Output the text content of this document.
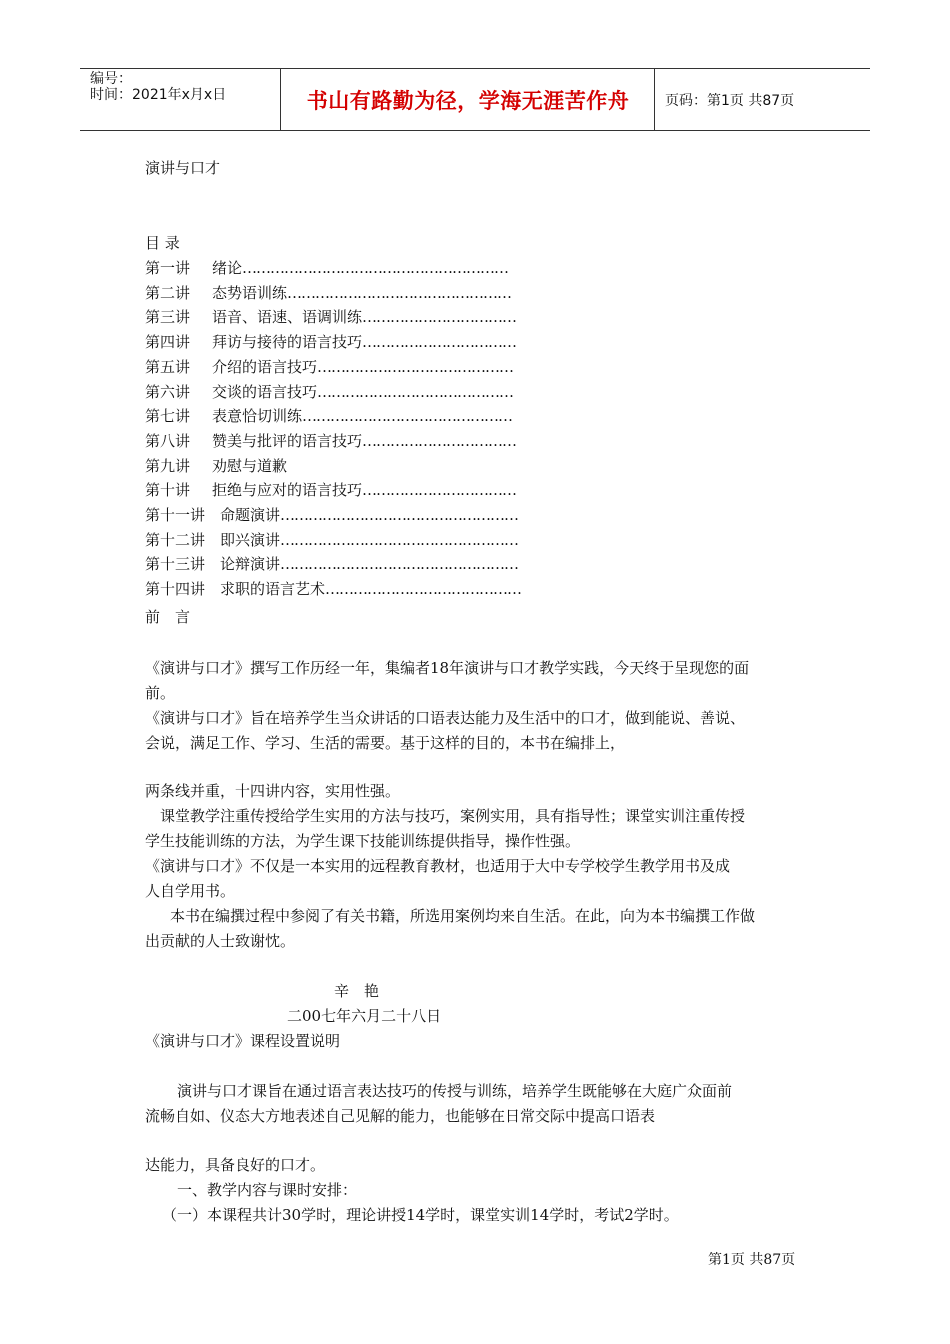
编号：
时间：2021年x月x日	书山有路勤为径，学海无涯苦作舟	页码：第1页 共87页
演讲与口才
目 录
第一讲 绪论…………………………………………………
第二讲 态势语训练…………………………………………
第三讲 语音、语速、语调训练……………………………
第四讲 拜访与接待的语言技巧……………………………
第五讲 介绍的语言技巧……………………………………
第六讲 交谈的语言技巧……………………………………
第七讲 表意恰切训练………………………………………
第八讲 赞美与批评的语言技巧……………………………
第九讲 劝慰与道歉
第十讲 拒绝与应对的语言技巧……………………………
第十一讲 命题演讲……………………………………………
第十二讲 即兴演讲……………………………………………
第十三讲 论辩演讲……………………………………………
第十四讲 求职的语言艺术……………………………………
前　言
《演讲与口才》撰写工作历经一年，集编者18年演讲与口才教学实践，今天终于呈现您的面
前。
《演讲与口才》旨在培养学生当众讲话的口语表达能力及生活中的口才，做到能说、善说、
会说，满足工作、学习、生活的需要。基于这样的目的，本书在编排上，
两条线并重，十四讲内容，实用性强。
课堂教学注重传授给学生实用的方法与技巧，案例实用，具有指导性；课堂实训注重传授
学生技能训练的方法，为学生课下技能训练提供指导，操作性强。
《演讲与口才》不仅是一本实用的远程教育教材，也适用于大中专学校学生教学用书及成
人自学用书。
本书在编撰过程中参阅了有关书籍，所选用案例均来自生活。在此，向为本书编撰工作做
出贡献的人士致谢忱。
辛　艳
二00七年六月二十八日
《演讲与口才》课程设置说明
演讲与口才课旨在通过语言表达技巧的传授与训练，培养学生既能够在大庭广众面前
流畅自如、仪态大方地表述自己见解的能力，也能够在日常交际中提高口语表
达能力，具备良好的口才。
一、教学内容与课时安排：
（一）本课程共计30学时，理论讲授14学时，课堂实训14学时，考试2学时。
第1页 共87页
